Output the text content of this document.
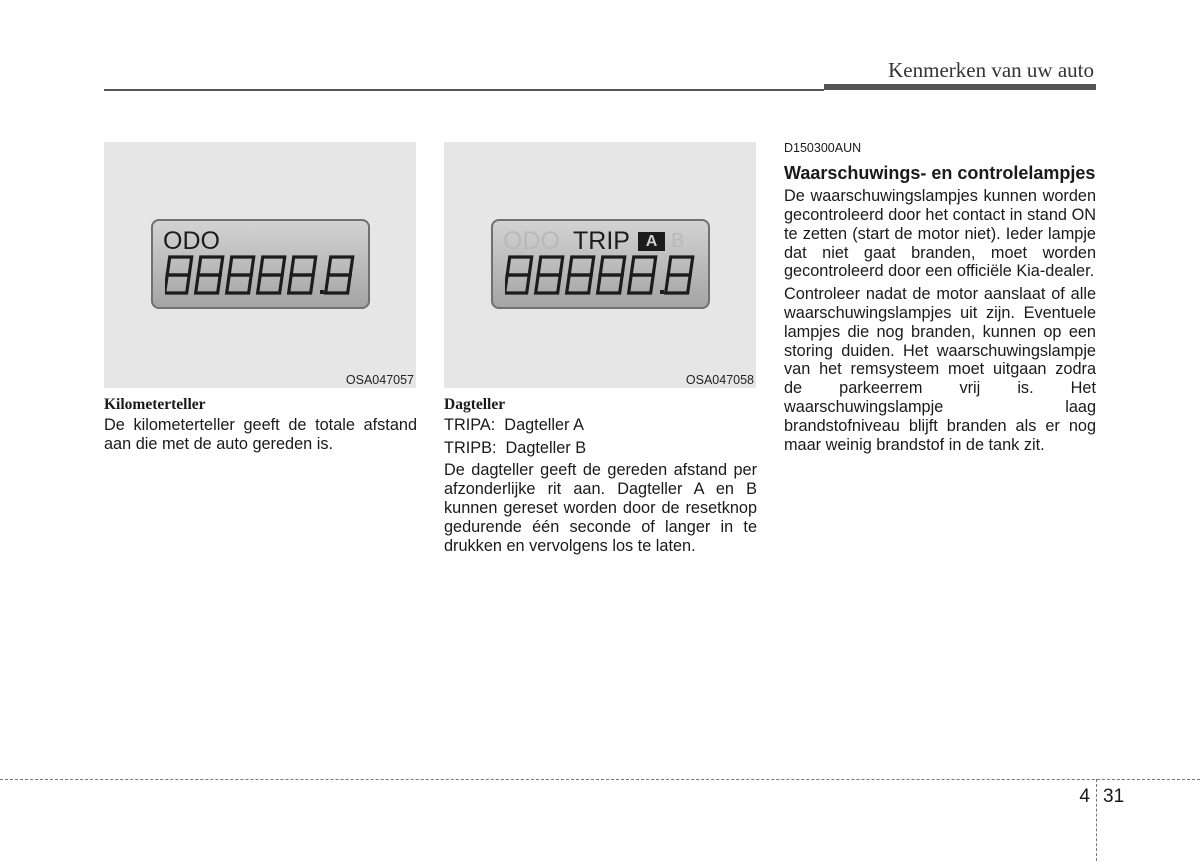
Kenmerken van uw auto
ODO
OSA047057
ODO TRIP A B
OSA047058
Kilometerteller

De kilometerteller geeft de totale afstand aan die met de auto gereden is.

Dagteller
TRIPA:  Dagteller A
TRIPB:  Dagteller B

De dagteller geeft de gereden afstand per afzonderlijke rit aan. Dagteller A en B kunnen gereset worden door de resetknop gedurende één seconde of langer in te drukken en vervolgens los te laten.

D150300AUN
Waarschuwings- en controlelampjes

De waarschuwingslampjes kunnen worden gecontroleerd door het contact in stand ON te zetten (start de motor niet). Ieder lampje dat niet gaat branden, moet worden gecontroleerd door een officiële Kia-dealer.

Controleer nadat de motor aanslaat of alle waarschuwingslampjes uit zijn. Eventuele lampjes die nog branden, kunnen op een storing duiden. Het waarschuwingslampje van het remsysteem moet uitgaan zodra de parkeerrem vrij is. Het waarschuwingslampje laag brandstofniveau blijft branden als er nog maar weinig brandstof in de tank zit.

4 31
